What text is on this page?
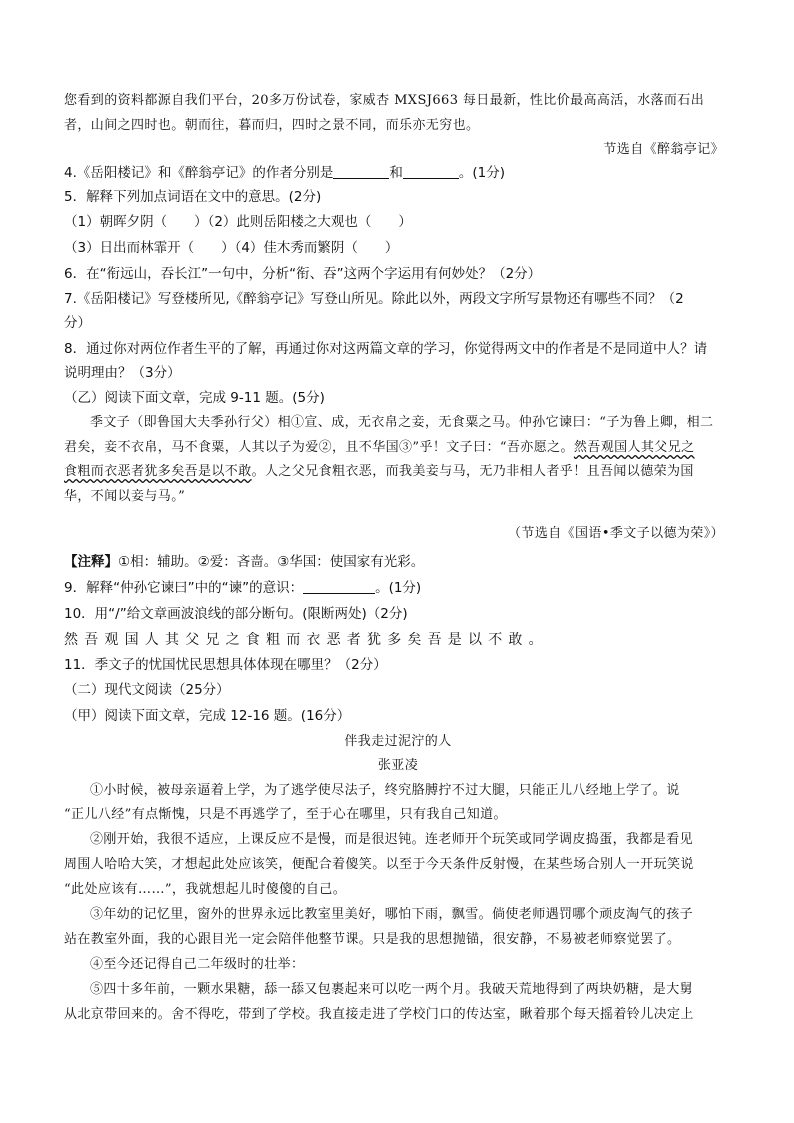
您看到的资料都源自我们平台，20多万份试卷，家威杏 MXSJ663 每日最新，性比价最高高活，水落而石出
者，山间之四时也。朝而往，暮而归，四时之景不同，而乐亦无穷也。
节选自《醉翁亭记》
4.《岳阳楼记》和《醉翁亭记》的作者分别是	和	。(1分)
5．解释下列加点词语在文中的意思。(2分)
（1）朝晖夕阴（　　）（2）此则岳阳楼之大观也（　　）
（3）日出而林霏开（　　）（4）佳木秀而繁阴（　　）
6．在“衔远山，吞长江”一句中，分析“衔、吞”这两个字运用有何妙处？（2分）
7.《岳阳楼记》写登楼所见,《醉翁亭记》写登山所见。除此以外，两段文字所写景物还有哪些不同？（2
分）
8．通过你对两位作者生平的了解，再通过你对这两篇文章的学习，你觉得两文中的作者是不是同道中人？请
说明理由？（3分）
（乙）阅读下面文章，完成 9-11 题。(5分)
季文子（即鲁国大夫季孙行父）相①宣、成，无衣帛之妾，无食粟之马。仲孙它谏曰：“子为鲁上卿，相二
君矣，妾不衣帛，马不食粟，人其以子为爱②，且不华国③”乎！文子曰：“吾亦愿之。然吾观国人其父兄之
食粗而衣恶者犹多矣吾是以不敢。人之父兄食粗衣恶，而我美妾与马，无乃非相人者乎！且吾闻以德荣为国
华，不闻以妾与马。”
（节选自《国语•季文子以德为荣》）
【注释】①相：辅助。②爱：吝啬。③华国：使国家有光彩。
9．解释“仲孙它谏曰”中的“谏”的意识：	。(1分)
10．用“/”给文章画波浪线的部分断句。(限断两处)（2分)
然吾观国人其父兄之食粗而衣恶者犹多矣吾是以不敢。
11．季文子的忧国忧民思想具体体现在哪里？（2分）
（二）现代文阅读（25分）
（甲）阅读下面文章，完成 12-16 题。(16分）
伴我走过泥泞的人
张亚凌
①小时候，被母亲逼着上学，为了逃学使尽法子，终究胳膊拧不过大腿，只能正儿八经地上学了。说
“正儿八经”有点惭愧，只是不再逃学了，至于心在哪里，只有我自己知道。
②刚开始，我很不适应，上课反应不是慢，而是很迟钝。连老师开个玩笑或同学调皮捣蛋，我都是看见
周围人哈哈大笑，才想起此处应该笑，便配合着傻笑。以至于今天条件反射慢，在某些场合别人一开玩笑说
“此处应该有……”，我就想起儿时傻傻的自己。
③年幼的记忆里，窗外的世界永远比教室里美好，哪怕下雨，飘雪。倘使老师遇罚哪个顽皮淘气的孩子
站在教室外面，我的心跟目光一定会陪伴他整节课。只是我的思想抛锚，很安静，不易被老师察觉罢了。
④至今还记得自己二年级时的壮举：
⑤四十多年前，一颗水果糖，舔一舔又包裹起来可以吃一两个月。我破天荒地得到了两块奶糖，是大舅
从北京带回来的。舍不得吃，带到了学校。我直接走进了学校门口的传达室，瞅着那个每天摇着铃儿决定上
